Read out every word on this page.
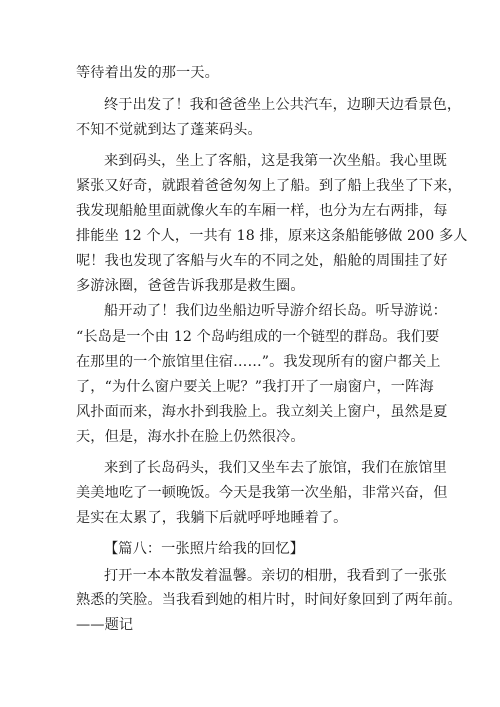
等待着出发的那一天。
终于出发了！我和爸爸坐上公共汽车，边聊天边看景色，
不知不觉就到达了蓬莱码头。
来到码头，坐上了客船，这是我第一次坐船。我心里既
紧张又好奇，就跟着爸爸匆匆上了船。到了船上我坐了下来，
我发现船舱里面就像火车的车厢一样，也分为左右两排，每
排能坐 12 个人，一共有 18 排，原来这条船能够做 200 多人
呢！我也发现了客船与火车的不同之处，船舱的周围挂了好
多游泳圈，爸爸告诉我那是救生圈。
船开动了！我们边坐船边听导游介绍长岛。听导游说：
“长岛是一个由 12 个岛屿组成的一个链型的群岛。我们要
在那里的一个旅馆里住宿……”。我发现所有的窗户都关上
了，“为什么窗户要关上呢？”我打开了一扇窗户，一阵海
风扑面而来，海水扑到我脸上。我立刻关上窗户，虽然是夏
天，但是，海水扑在脸上仍然很冷。
来到了长岛码头，我们又坐车去了旅馆，我们在旅馆里
美美地吃了一顿晚饭。今天是我第一次坐船，非常兴奋，但
是实在太累了，我躺下后就呼呼地睡着了。
【篇八：一张照片给我的回忆】
打开一本本散发着温馨。亲切的相册，我看到了一张张
熟悉的笑脸。当我看到她的相片时，时间好象回到了两年前。
——题记
